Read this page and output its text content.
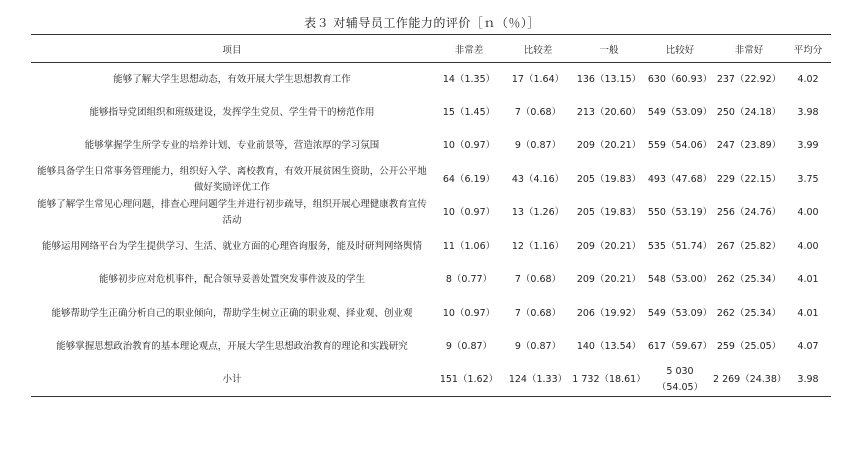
表３ 对辅导员工作能力的评价［ｎ（％）］
项目	非常差	比较差	一般	比较好	非常好	平均分
能够了解大学生思想动态，有效开展大学生思想教育工作	14（1.35）	17（1.64）	136（13.15）	630（60.93）	237（22.92）	4.02
能够指导党团组织和班级建设，发挥学生党员、学生骨干的榜范作用	15（1.45）	7（0.68）	213（20.60）	549（53.09）	250（24.18）	3.98
能够掌握学生所学专业的培养计划、专业前景等，营造浓厚的学习氛围	10（0.97）	9（0.87）	209（20.21）	559（54.06）	247（23.89）	3.99
能够具备学生日常事务管理能力，组织好入学、离校教育，有效开展贫困生资助，公开公平地做好奖励评优工作	64（6.19）	43（4.16）	205（19.83）	493（47.68）	229（22.15）	3.75
能够了解学生常见心理问题，排查心理问题学生并进行初步疏导，组织开展心理健康教育宣传活动	10（0.97）	13（1.26）	205（19.83）	550（53.19）	256（24.76）	4.00
能够运用网络平台为学生提供学习、生活、就业方面的心理咨询服务，能及时研判网络舆情	11（1.06）	12（1.16）	209（20.21）	535（51.74）	267（25.82）	4.00
能够初步应对危机事件，配合领导妥善处置突发事件波及的学生	8（0.77）	7（0.68）	209（20.21）	548（53.00）	262（25.34）	4.01
能够帮助学生正确分析自己的职业倾向，帮助学生树立正确的职业观、择业观、创业观	10（0.97）	7（0.68）	206（19.92）	549（53.09）	262（25.34）	4.01
能够掌握思想政治教育的基本理论观点，开展大学生思想政治教育的理论和实践研究	9（0.87）	9（0.87）	140（13.54）	617（59.67）	259（25.05）	4.07
小计	151（1.62）	124（1.33）	1 732（18.61）	5 030（54.05）	2 269（24.38）	3.98
